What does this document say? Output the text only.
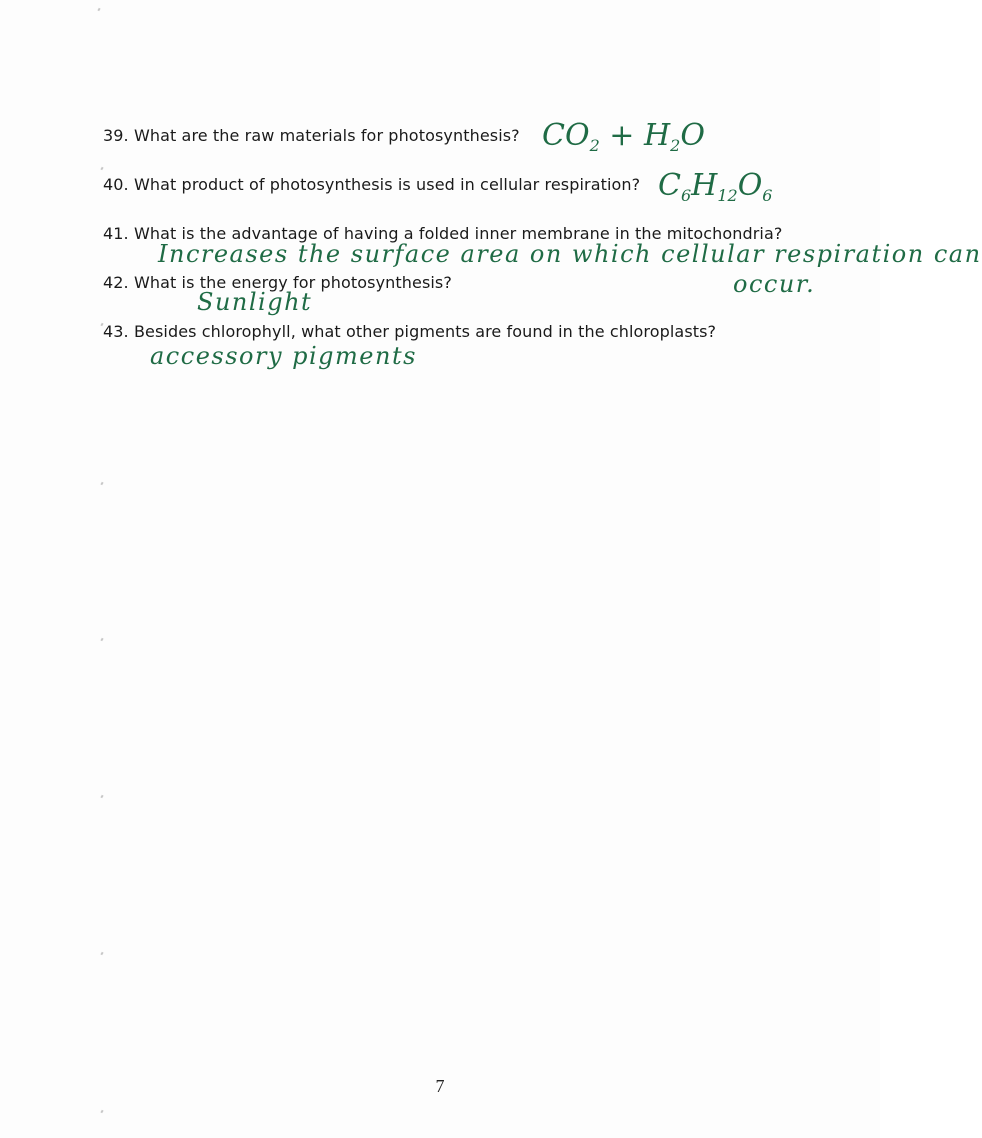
39. What are the raw materials for photosynthesis? $CO_2 + H_2O$
40. What product of photosynthesis is used in cellular respiration? $C_6H_{12}O_6$
41. What is the advantage of having a folded inner membrane in the mitochondria?
Increases the surface area on which cellular respiration can
occur.
42. What is the energy for photosynthesis?
Sunlight
43. Besides chlorophyll, what other pigments are found in the chloroplasts?
accessory pigments
7
